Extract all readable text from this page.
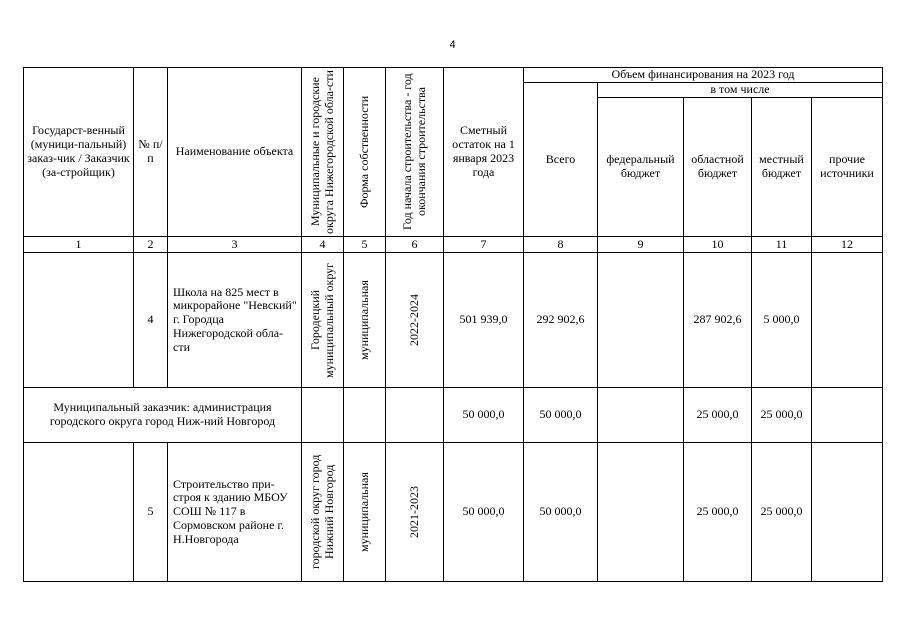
4
Государст-венный (муници-пальный) заказ-чик / Заказчик (за-стройщик)	№ п/п	Наименование объекта	Муниципальные и городские округа Нижегородской обла-сти	Форма собственности	Год начала строительства - год окончания строительства	Сметный остаток на 1 января 2023 года	Объем финансирования на 2023 год				
							Всего	в том числе			
								федеральный бюджет	областной бюджет	местный бюджет	прочие источники
1	2	3	4	5	6	7	8	9	10	11	12
	4	Школа на 825 мест в микрорайоне "Невский" г. Городца Нижегородской обла-сти	Городецкий муниципальный округ	муниципальная	2022-2024	501 939,0	292 902,6		287 902,6	5 000,0	
Муниципальный заказчик: администрация городского округа город Ниж-ний Новгород						50 000,0	50 000,0		25 000,0	25 000,0	
	5	Строительство при-строя к зданию МБОУ СОШ № 117 в Сормовском районе г. Н.Новгорода	городской округ город Нижний Новгород	муниципальная	2021-2023	50 000,0	50 000,0		25 000,0	25 000,0	
